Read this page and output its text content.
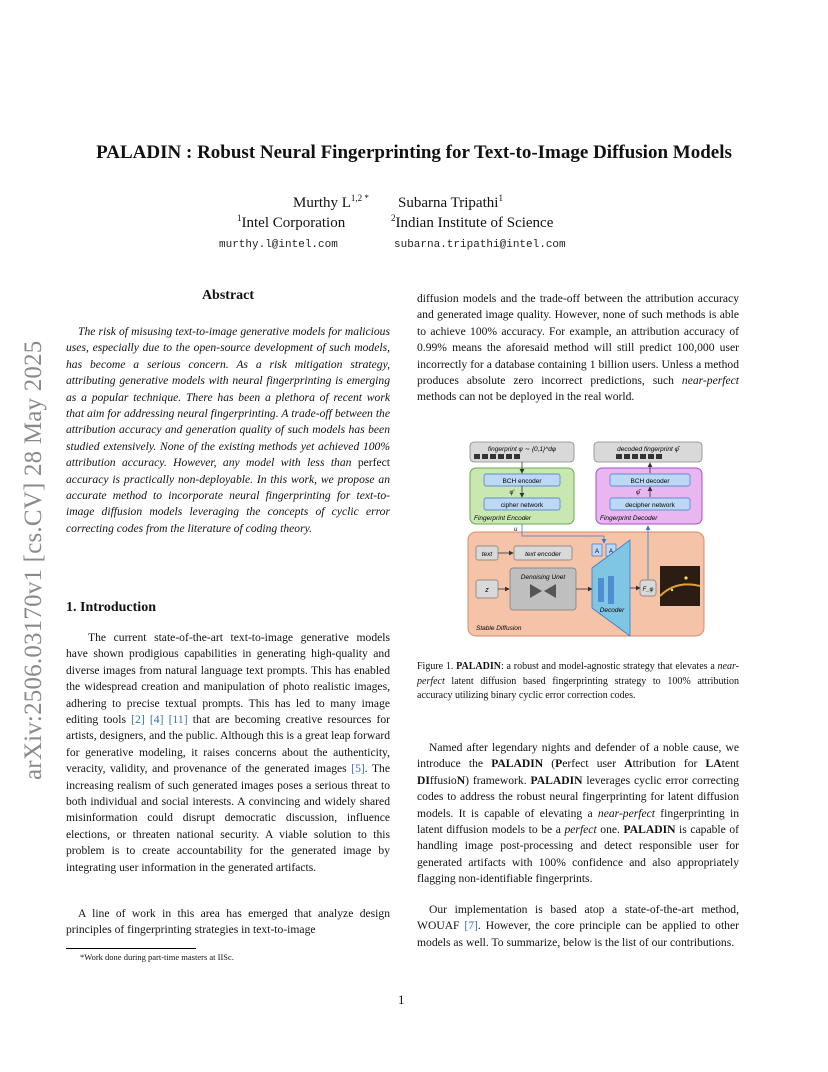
PALADIN : Robust Neural Fingerprinting for Text-to-Image Diffusion Models
Murthy $L^{1,2 *}$ Subarna Tripathi$^1$
$^1$Intel Corporation	$^2$Indian Institute of Science
murthy.l@intel.com	subarna.tripathi@intel.com
arXiv:2506.03170v1 [cs.CV] 28 May 2025
Abstract

The risk of misusing text-to-image generative models for malicious uses, especially due to the open-source development of such models, has become a serious concern. As a risk mitigation strategy, attributing generative models with neural fingerprinting is emerging as a popular technique. There has been a plethora of recent work that aim for addressing neural fingerprinting. A trade-off between the attribution accuracy and generation quality of such models has been studied extensively. None of the existing methods yet achieved 100% attribution accuracy. However, any model with less than perfect accuracy is practically non-deployable. In this work, we propose an accurate method to incorporate neural fingerprinting for text-to-image diffusion models leveraging the concepts of cyclic error correcting codes from the literature of coding theory.

1. Introduction

The current state-of-the-art text-to-image generative models have shown prodigious capabilities in generating high-quality and diverse images from natural language text prompts. This has enabled the widespread creation and manipulation of photo realistic images, adhering to precise textual prompts. This has led to many image editing tools [2] [4] [11] that are becoming creative resources for artists, designers, and the public. Although this is a great leap forward for generative modeling, it raises concerns about the authenticity, veracity, validity, and provenance of the generated images [5]. The increasing realism of such generated images poses a serious threat to both individual and social interests. A convincing and widely shared misinformation could disrupt democratic discussion, influence elections, or threaten national security. A viable solution to this problem is to create accountability for the generated image by integrating user information in the generated artifacts.

A line of work in this area has emerged that analyze design principles of fingerprinting strategies in text-to-image

*Work done during part-time masters at IISc.

diffusion models and the trade-off between the attribution accuracy and generated image quality. However, none of such methods is able to achieve 100% accuracy. For example, an attribution accuracy of 0.99% means the aforesaid method will still predict 100,000 user incorrectly for a database containing 1 billion users. Unless a method produces absolute zero incorrect predictions, such near-perfect methods can not be deployed in the real world.

fingerprint φ ∼ {0,1}^dφ	decoded fingerprint φ̂
BCH encoder
φ′
cipher network
Fingerprint Encoder
BCH decoder
φ̂
decipher network
Fingerprint Decoder
text	text encoder
z
Denoising Unet
A A
Decoder
F_φ
Stable Diffusion
u
Figure 1. PALADIN: a robust and model-agnostic strategy that elevates a near-perfect latent diffusion based fingerprinting strategy to 100% attribution accuracy utilizing binary cyclic error correction codes.

Named after legendary nights and defender of a noble cause, we introduce the PALADIN (Perfect user Attribution for LAtent DIffusioN) framework. PALADIN leverages cyclic error correcting codes to address the robust neural fingerprinting for latent diffusion models. It is capable of elevating a near-perfect fingerprinting in latent diffusion models to be a perfect one. PALADIN is capable of handling image post-processing and detect responsible user for generated artifacts with 100% confidence and also appropriately flagging non-identifiable fingerprints.

Our implementation is based atop a state-of-the-art method, WOUAF [7]. However, the core principle can be applied to other models as well. To summarize, below is the list of our contributions.

1
